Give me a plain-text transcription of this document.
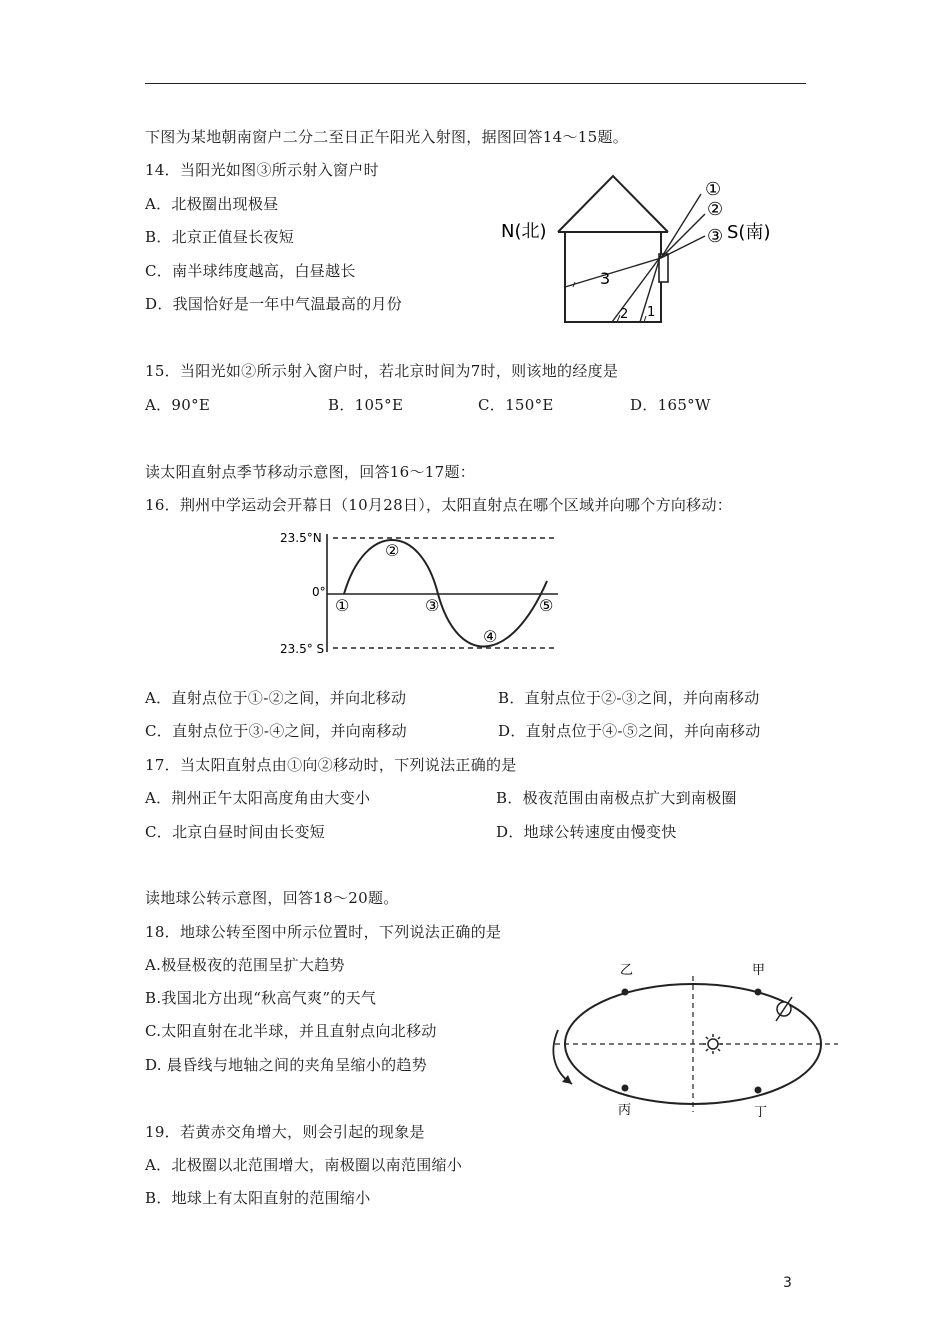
下图为某地朝南窗户二分二至日正午阳光入射图，据图回答14～15题。
14．当阳光如图③所示射入窗户时
A．北极圈出现极昼
B．北京正值昼长夜短
C．南半球纬度越高，白昼越长
D．我国恰好是一年中气温最高的月份
N(北)	S(南)
①
②
③
3
2 1
15．当阳光如②所示射入窗户时，若北京时间为7时，则该地的经度是
A．90°E	B．105°E	C．150°E	D．165°W
读太阳直射点季节移动示意图，回答16～17题：
16．荆州中学运动会开幕日（10月28日），太阳直射点在哪个区域并向哪个方向移动：
23.5°N
0°
23.5° S
①
②
③
④
⑤
A．直射点位于①-②之间，并向北移动	B．直射点位于②-③之间，并向南移动
C．直射点位于③-④之间，并向南移动	D．直射点位于④-⑤之间，并向南移动
17．当太阳直射点由①向②移动时，下列说法正确的是
A．荆州正午太阳高度角由大变小	B．极夜范围由南极点扩大到南极圈
C．北京白昼时间由长变短	D．地球公转速度由慢变快
读地球公转示意图，回答18～20题。
18．地球公转至图中所示位置时，下列说法正确的是
A.极昼极夜的范围呈扩大趋势
B.我国北方出现“秋高气爽”的天气
C.太阳直射在北半球，并且直射点向北移动
D. 晨昏线与地轴之间的夹角呈缩小的趋势
乙	甲
丙	丁
19．若黄赤交角增大，则会引起的现象是
A．北极圈以北范围增大，南极圈以南范围缩小
B．地球上有太阳直射的范围缩小
3
